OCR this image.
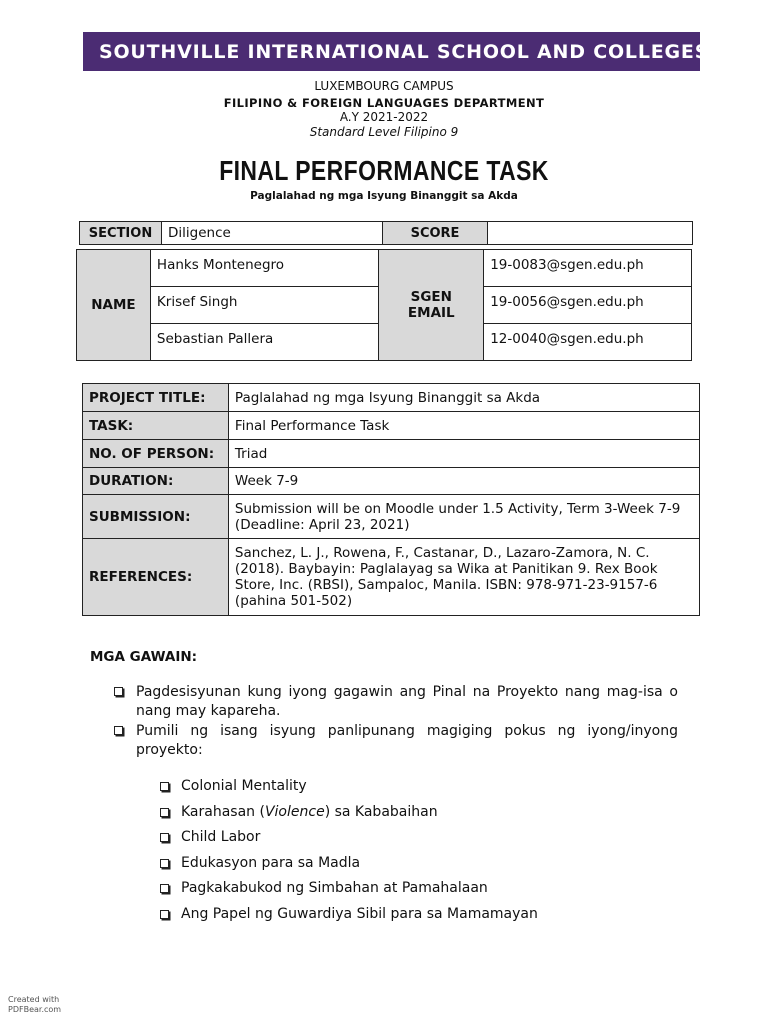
SOUTHVILLE INTERNATIONAL SCHOOL AND COLLEGES
LUXEMBOURG CAMPUS
FILIPINO & FOREIGN LANGUAGES DEPARTMENT
A.Y 2021-2022
Standard Level Filipino 9
FINAL PERFORMANCE TASK
Paglalahad ng mga Isyung Binanggit sa Akda
SECTION	Diligence	SCORE	
NAME	Hanks Montenegro	SGEN EMAIL	19-0083@sgen.edu.ph
	Krisef Singh		19-0056@sgen.edu.ph
	Sebastian Pallera		12-0040@sgen.edu.ph
PROJECT TITLE:	Paglalahad ng mga Isyung Binanggit sa Akda
TASK:	Final Performance Task
NO. OF PERSON:	Triad
DURATION:	Week 7-9
SUBMISSION:	Submission will be on Moodle under 1.5 Activity, Term 3-Week 7-9 (Deadline: April 23, 2021)
REFERENCES:	Sanchez, L. J., Rowena, F., Castanar, D., Lazaro-Zamora, N. C. (2018). Baybayin: Paglalayag sa Wika at Panitikan 9. Rex Book Store, Inc. (RBSI), Sampaloc, Manila. ISBN: 978-971-23-9157-6 (pahina 501-502)
MGA GAWAIN:
Pagdesisyunan kung iyong gagawin ang Pinal na Proyekto nang mag-isa o nang may kapareha.
Pumili ng isang isyung panlipunang magiging pokus ng iyong/inyong proyekto:
Colonial Mentality
Karahasan (Violence) sa Kababaihan
Child Labor
Edukasyon para sa Madla
Pagkakabukod ng Simbahan at Pamahalaan
Ang Papel ng Guwardiya Sibil para sa Mamamayan
Created with
PDFBear.com
